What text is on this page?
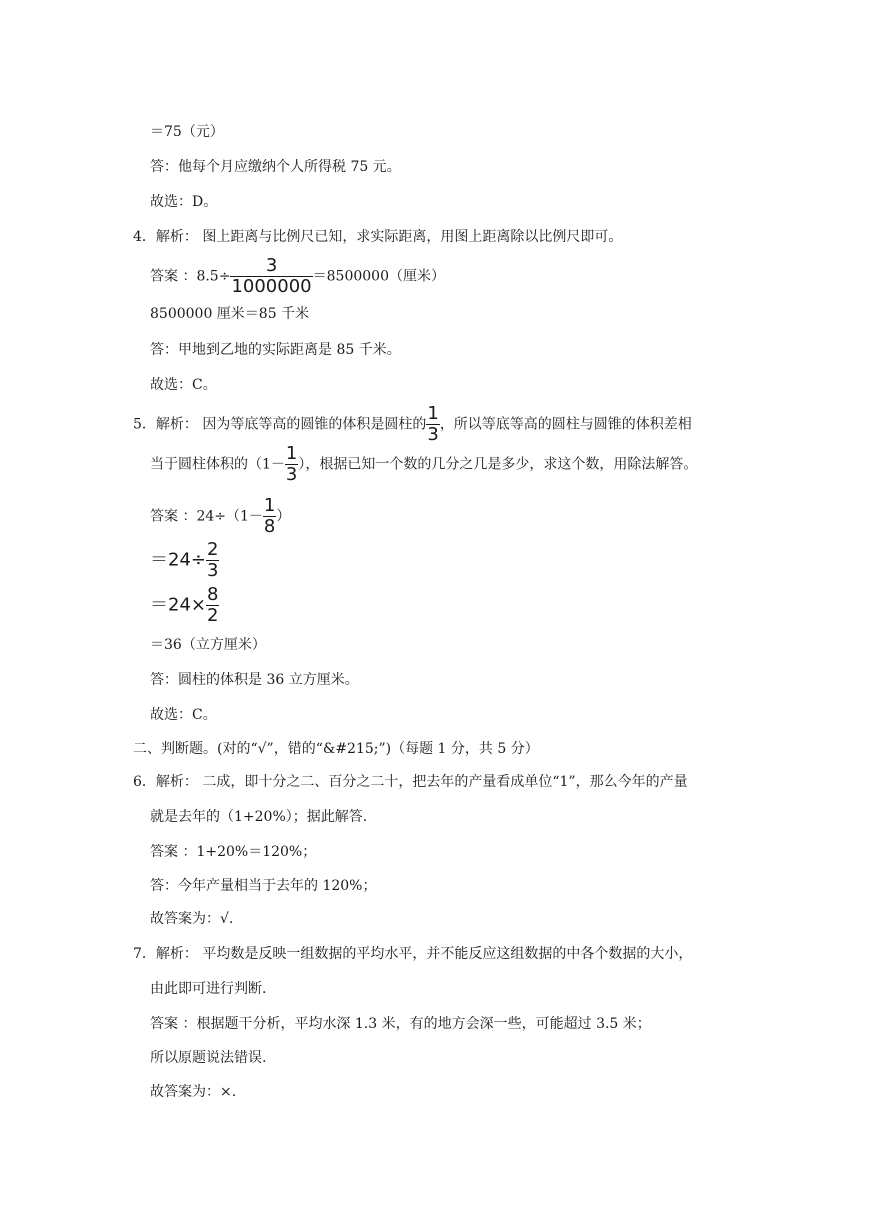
＝75（元）
答：他每个月应缴纳个人所得税 75 元。
故选：D。
4．解析： 图上距离与比例尺已知，求实际距离，用图上距离除以比例尺即可。
答案 ：$8.5\div \frac{3}{1000000} =8500000$（厘米）
8500000 厘米＝85 千米
答：甲地到乙地的实际距离是 85 千米。
故选：C。
5．解析： 因为等底等高的圆锥的体积是圆柱的 $\frac{1}{3}$ ，所以等底等高的圆柱与圆锥的体积差相
当于圆柱体积的（$1- \frac{1}{3}$ ），根据已知一个数的几分之几是多少，求这个数，用除法解答。
答案 ：$24\div(1- \frac{1}{8}$ ）
$=24\div \frac{2}{3}$
$=24\times \frac{8}{2}$
＝36（立方厘米）
答：圆柱的体积是 36 立方厘米。
故选：C。
二、判断题。(对的“√”，错的“&#215;”)（每题 1 分，共 5 分）
6．解析： 二成，即十分之二、百分之二十，把去年的产量看成单位“1”，那么今年的产量
就是去年的（1+20%）；据此解答.
答案 ：1+20%＝120%；
答：今年产量相当于去年的 120%；
故答案为：√.
7．解析： 平均数是反映一组数据的平均水平，并不能反应这组数据的中各个数据的大小，
由此即可进行判断.
答案 ：根据题干分析，平均水深 1.3 米，有的地方会深一些，可能超过 3.5 米；
所以原题说法错误.
故答案为：×.
